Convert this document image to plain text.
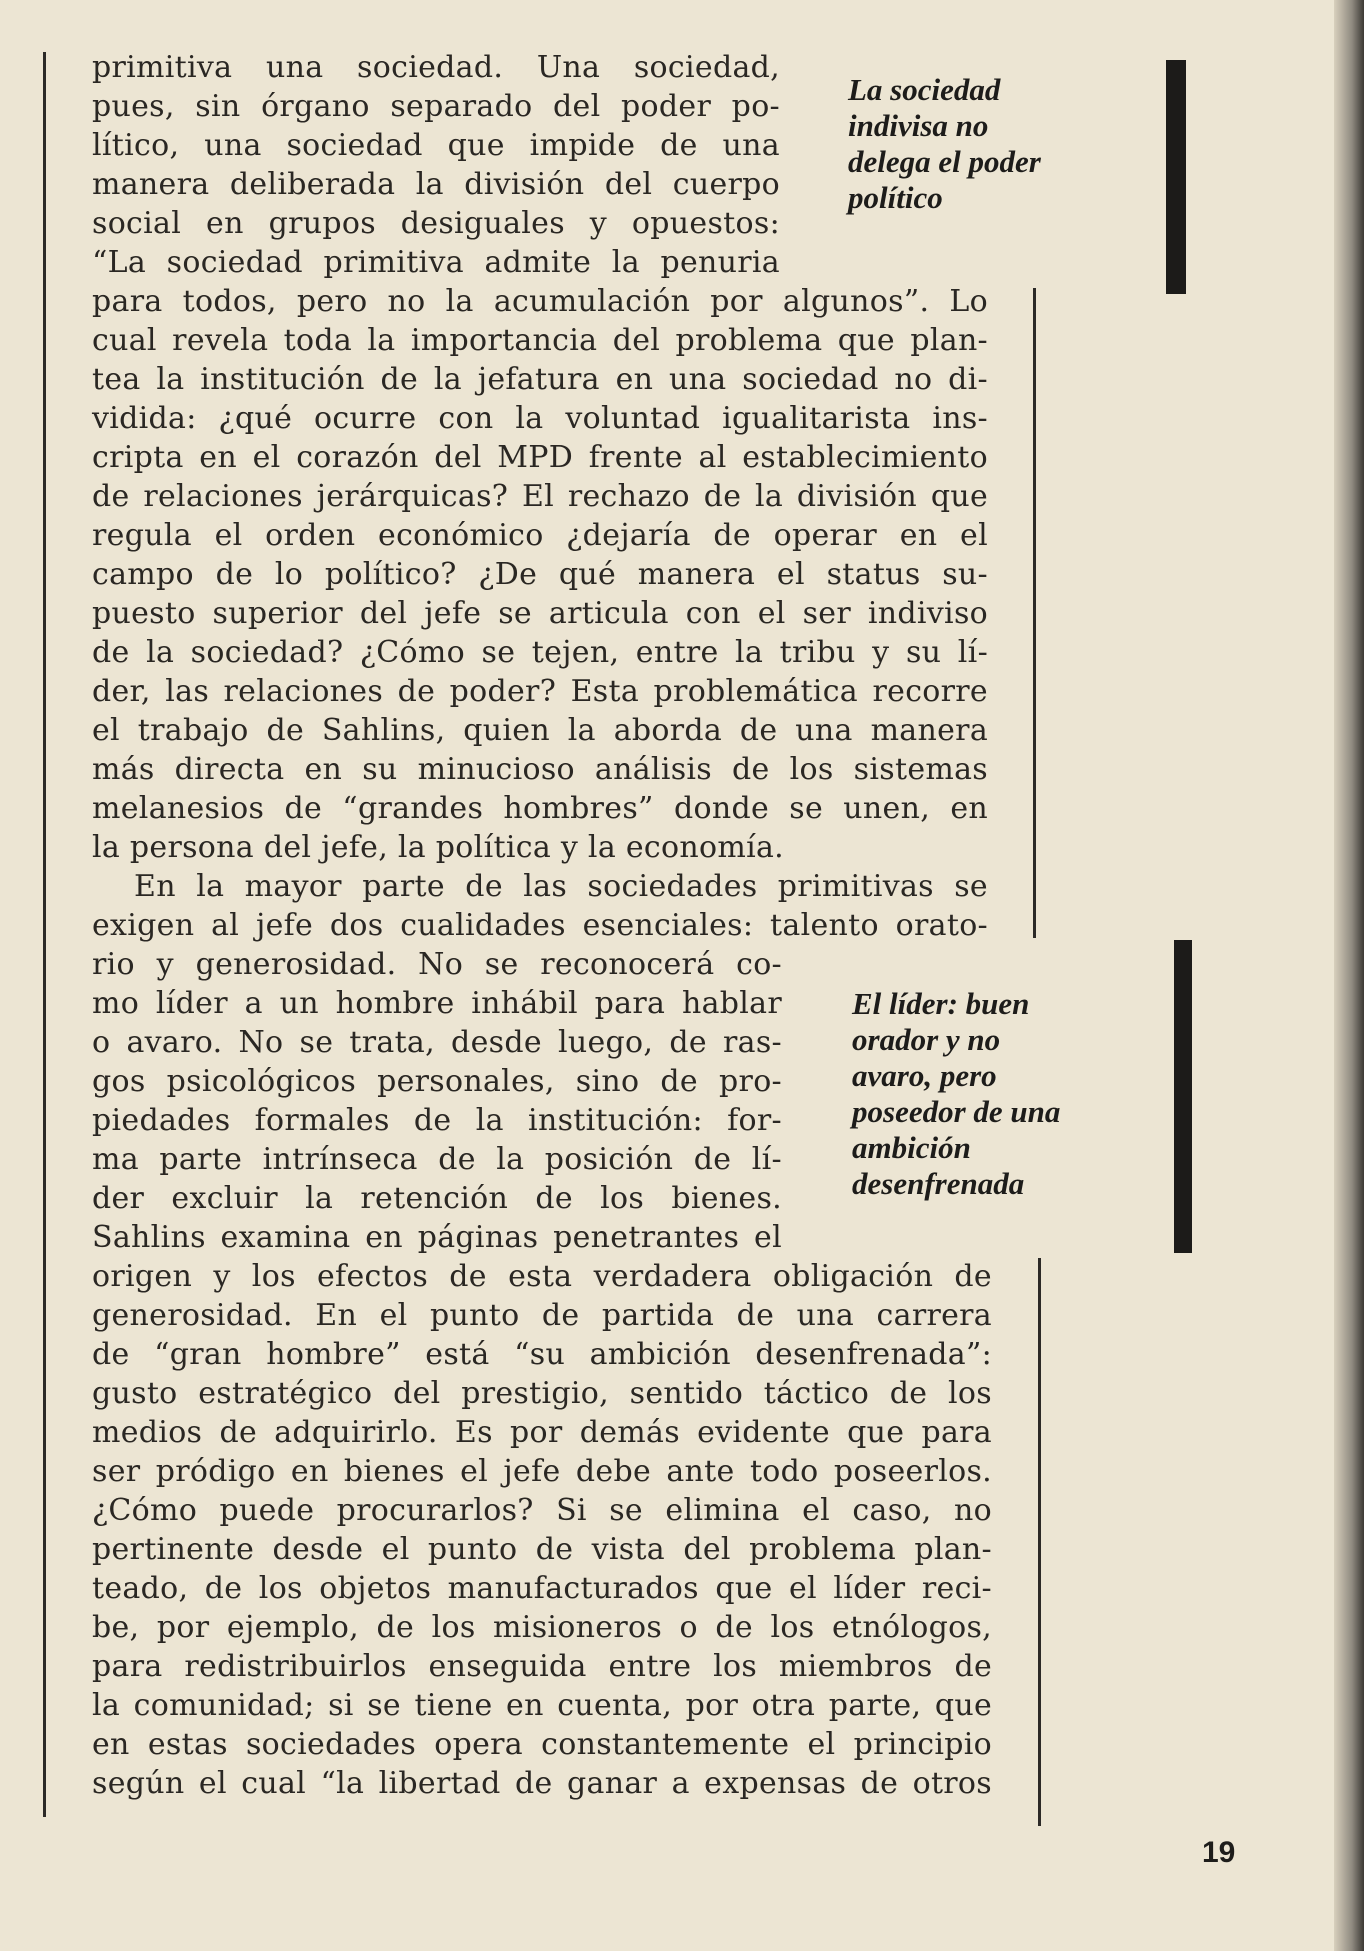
primitiva una sociedad. Una sociedad,
pues, sin órgano separado del poder po-
lítico, una sociedad que impide de una
manera deliberada la división del cuerpo
social en grupos desiguales y opuestos:
“La sociedad primitiva admite la penuria
para todos, pero no la acumulación por algunos”. Lo
cual revela toda la importancia del problema que plan-
tea la institución de la jefatura en una sociedad no di-
vidida: ¿qué ocurre con la voluntad igualitarista ins-
cripta en el corazón del MPD frente al establecimiento
de relaciones jerárquicas? El rechazo de la división que
regula el orden económico ¿dejaría de operar en el
campo de lo político? ¿De qué manera el status su-
puesto superior del jefe se articula con el ser indiviso
de la sociedad? ¿Cómo se tejen, entre la tribu y su lí-
der, las relaciones de poder? Esta problemática recorre
el trabajo de Sahlins, quien la aborda de una manera
más directa en su minucioso análisis de los sistemas
melanesios de “grandes hombres” donde se unen, en
la persona del jefe, la política y la economía.
En la mayor parte de las sociedades primitivas se
exigen al jefe dos cualidades esenciales: talento orato-
rio y generosidad. No se reconocerá co-
mo líder a un hombre inhábil para hablar
o avaro. No se trata, desde luego, de ras-
gos psicológicos personales, sino de pro-
piedades formales de la institución: for-
ma parte intrínseca de la posición de lí-
der excluir la retención de los bienes.
Sahlins examina en páginas penetrantes el
origen y los efectos de esta verdadera obligación de
generosidad. En el punto de partida de una carrera
de “gran hombre” está “su ambición desenfrenada”:
gusto estratégico del prestigio, sentido táctico de los
medios de adquirirlo. Es por demás evidente que para
ser pródigo en bienes el jefe debe ante todo poseerlos.
¿Cómo puede procurarlos? Si se elimina el caso, no
pertinente desde el punto de vista del problema plan-
teado, de los objetos manufacturados que el líder reci-
be, por ejemplo, de los misioneros o de los etnólogos,
para redistribuirlos enseguida entre los miembros de
la comunidad; si se tiene en cuenta, por otra parte, que
en estas sociedades opera constantemente el principio
según el cual “la libertad de ganar a expensas de otros
La sociedad
indivisa no
delega el poder
político
El líder: buen
orador y no
avaro, pero
poseedor de una
ambición
desenfrenada
19
